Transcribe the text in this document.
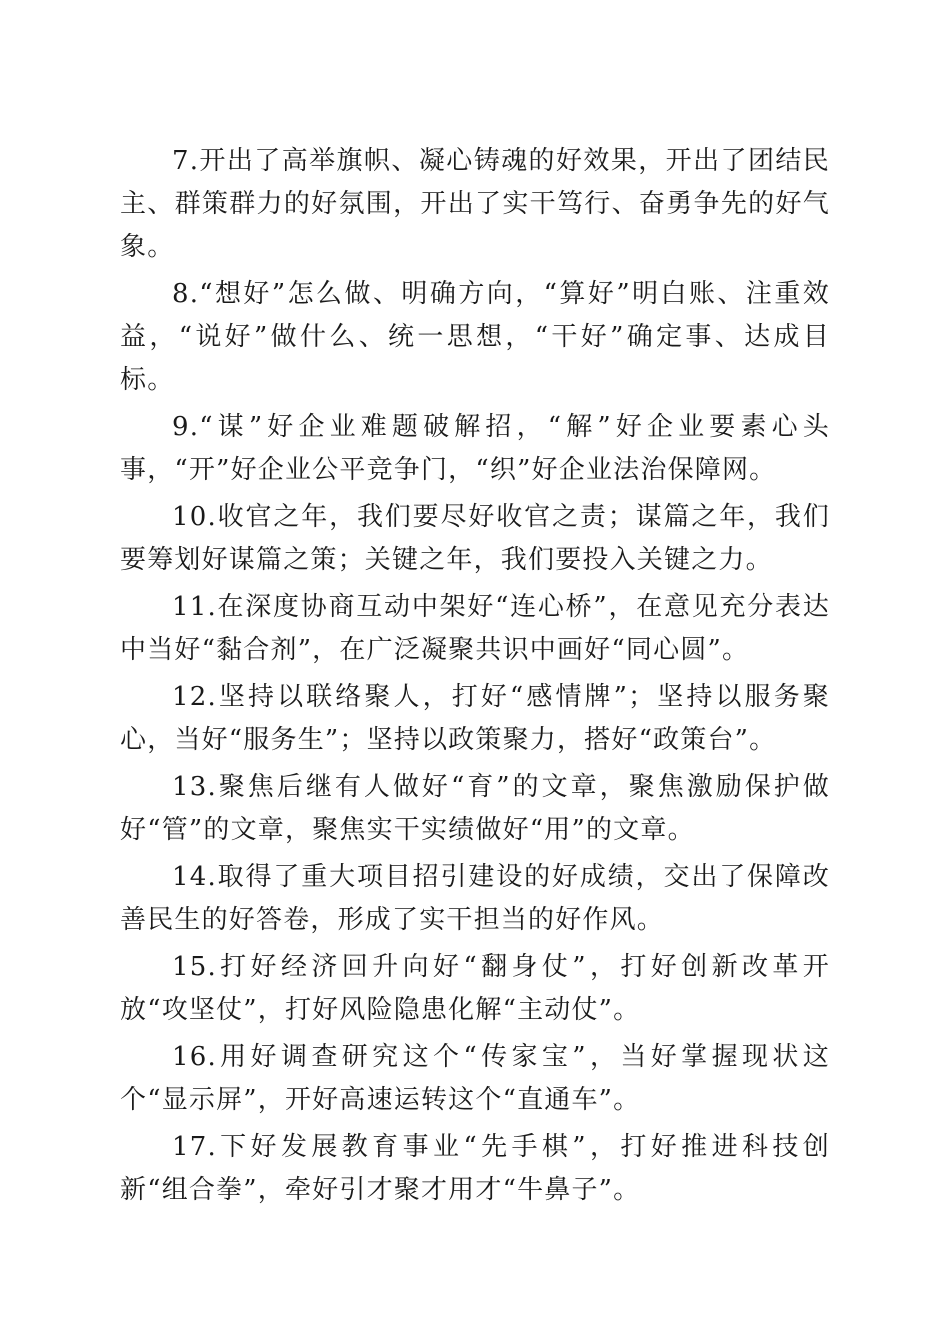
7.开出了高举旗帜、凝心铸魂的好效果，开出了团结民主、群策群力的好氛围，开出了实干笃行、奋勇争先的好气象。

8.“想好”怎么做、明确方向，“算好”明白账、注重效益，“说好”做什么、统一思想，“干好”确定事、达成目标。

9.“谋”好企业难题破解招，“解”好企业要素心头事，“开”好企业公平竞争门，“织”好企业法治保障网。

10.收官之年，我们要尽好收官之责；谋篇之年，我们要筹划好谋篇之策；关键之年，我们要投入关键之力。

11.在深度协商互动中架好“连心桥”，在意见充分表达中当好“黏合剂”，在广泛凝聚共识中画好“同心圆”。

12.坚持以联络聚人，打好“感情牌”；坚持以服务聚心，当好“服务生”；坚持以政策聚力，搭好“政策台”。

13.聚焦后继有人做好“育”的文章，聚焦激励保护做好“管”的文章，聚焦实干实绩做好“用”的文章。

14.取得了重大项目招引建设的好成绩，交出了保障改善民生的好答卷，形成了实干担当的好作风。

15.打好经济回升向好“翻身仗”，打好创新改革开放“攻坚仗”，打好风险隐患化解“主动仗”。

16.用好调查研究这个“传家宝”，当好掌握现状这个“显示屏”，开好高速运转这个“直通车”。

17.下好发展教育事业“先手棋”，打好推进科技创新“组合拳”，牵好引才聚才用才“牛鼻子”。
